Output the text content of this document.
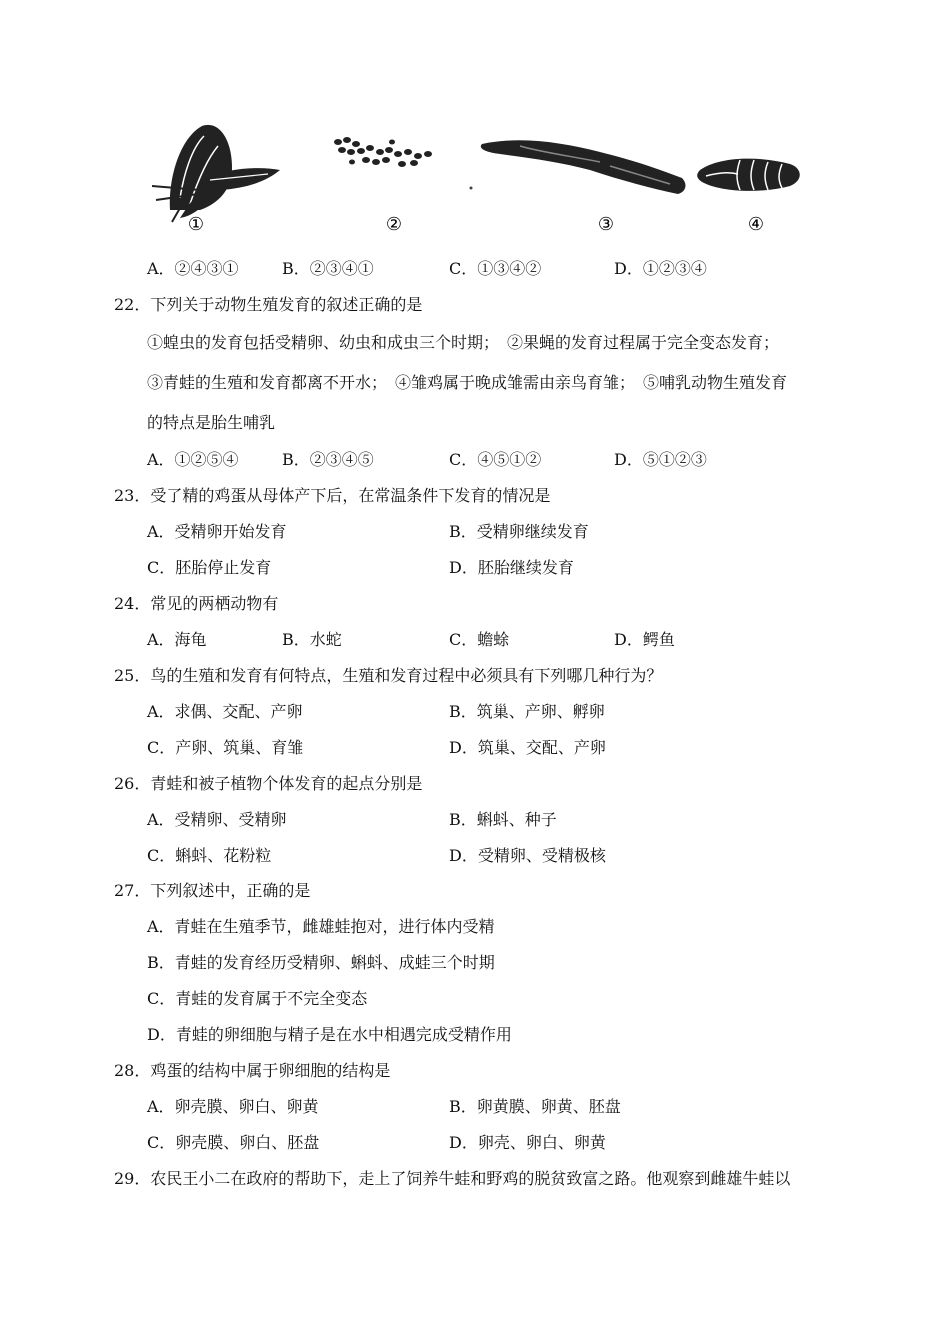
①	②	③	④
A．②④③①	B．②③④①	C．①③④②	D．①②③④
22．下列关于动物生殖发育的叙述正确的是
①蝗虫的发育包括受精卵、幼虫和成虫三个时期；　②果蝇的发育过程属于完全变态发育；
③青蛙的生殖和发育都离不开水；　④雏鸡属于晚成雏需由亲鸟育雏；　⑤哺乳动物生殖发育
的特点是胎生哺乳
A．①②⑤④	B．②③④⑤	C．④⑤①②	D．⑤①②③
23．受了精的鸡蛋从母体产下后，在常温条件下发育的情况是
A．受精卵开始发育	B．受精卵继续发育
C．胚胎停止发育	D．胚胎继续发育
24．常见的两栖动物有
A．海龟	B．水蛇	C．蟾蜍	D．鳄鱼
25．鸟的生殖和发育有何特点，生殖和发育过程中必须具有下列哪几种行为？
A．求偶、交配、产卵	B．筑巢、产卵、孵卵
C．产卵、筑巢、育雏	D．筑巢、交配、产卵
26．青蛙和被子植物个体发育的起点分别是
A．受精卵、受精卵	B．蝌蚪、种子
C．蝌蚪、花粉粒	D．受精卵、受精极核
27．下列叙述中，正确的是
A．青蛙在生殖季节，雌雄蛙抱对，进行体内受精
B．青蛙的发育经历受精卵、蝌蚪、成蛙三个时期
C．青蛙的发育属于不完全变态
D．青蛙的卵细胞与精子是在水中相遇完成受精作用
28．鸡蛋的结构中属于卵细胞的结构是
A．卵壳膜、卵白、卵黄	B．卵黄膜、卵黄、胚盘
C．卵壳膜、卵白、胚盘	D．卵壳、卵白、卵黄
29．农民王小二在政府的帮助下，走上了饲养牛蛙和野鸡的脱贫致富之路。他观察到雌雄牛蛙以
